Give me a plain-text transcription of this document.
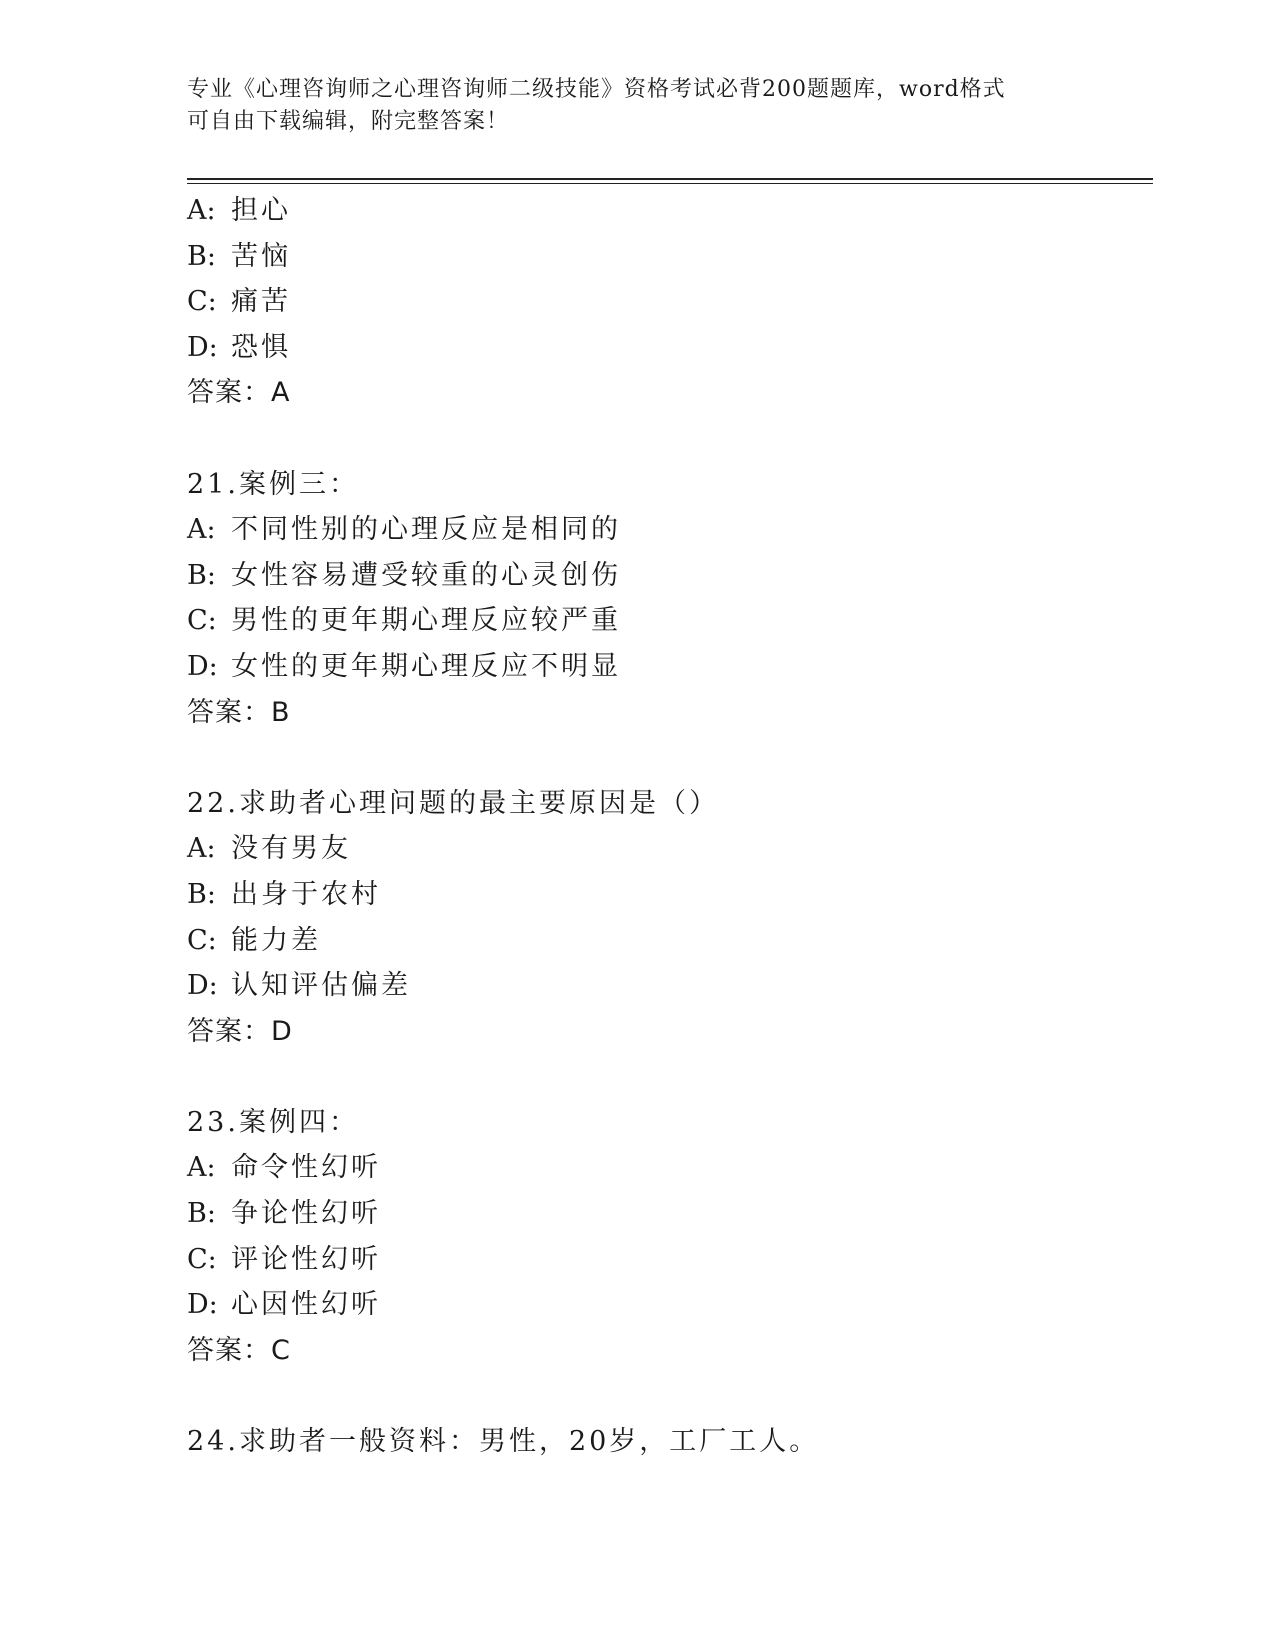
专业《心理咨询师之心理咨询师二级技能》资格考试必背200题题库，word格式
可自由下载编辑，附完整答案！
A: 担心
B: 苦恼
C: 痛苦
D: 恐惧
答案：A
21.案例三：
A: 不同性别的心理反应是相同的
B: 女性容易遭受较重的心灵创伤
C: 男性的更年期心理反应较严重
D: 女性的更年期心理反应不明显
答案：B
22.求助者心理问题的最主要原因是（）
A: 没有男友
B: 出身于农村
C: 能力差
D: 认知评估偏差
答案：D
23.案例四：
A: 命令性幻听
B: 争论性幻听
C: 评论性幻听
D: 心因性幻听
答案：C
24.求助者一般资料：男性，20岁，工厂工人。
